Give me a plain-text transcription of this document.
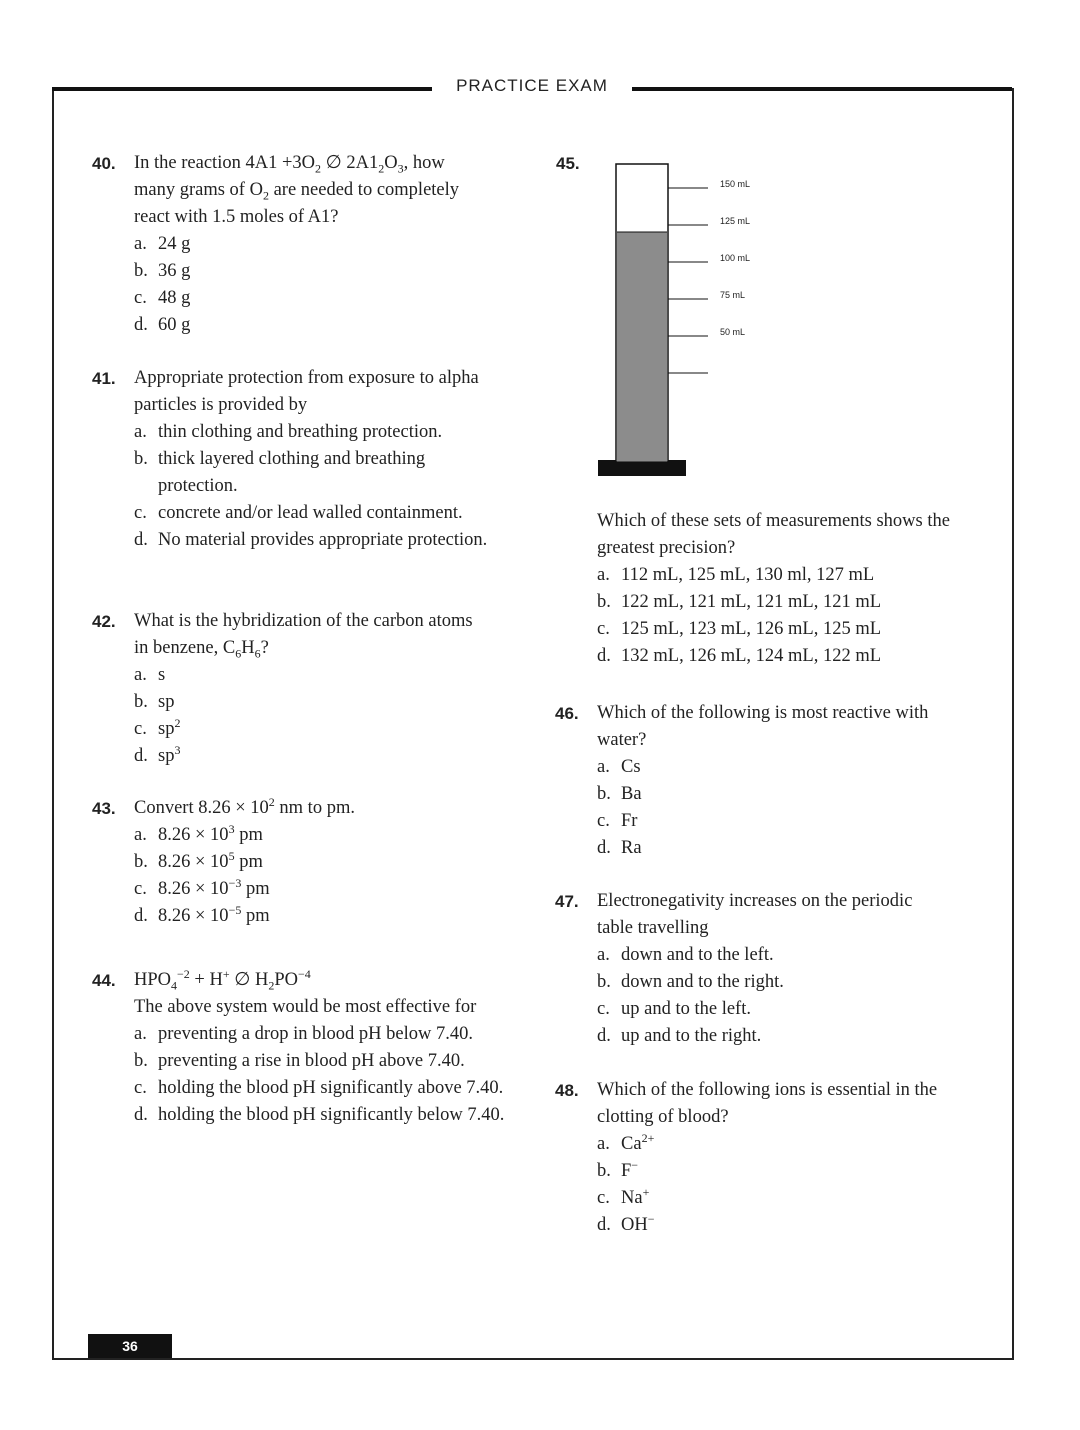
PRACTICE EXAM
40. In the reaction $4A1 +3O_2$ ∅ $2A1_2O_3$, how

many grams of $O_2$ are needed to completely

react with 1.5 moles of A1?

a. 24 g

b. 36 g

c. 48 g

d. 60 g

41. Appropriate protection from exposure to alpha

particles is provided by

a. thin clothing and breathing protection.

b. thick layered clothing and breathing protection.

c. concrete and/or lead walled containment.

d. No material provides appropriate protection.

42. What is the hybridization of the carbon atoms

in benzene, $C_6H_6$?

a. s

b. sp

c. $sp^2$

d. $sp^3$

43. Convert $8.26 \times 10^2$ nm to pm.

a. $8.26 \times 10^3$ pm

b. $8.26 \times 10^5$ pm

c. $8.26 \times 10^{-3}$ pm

d. $8.26 \times 10^{-5}$ pm

44. $HPO_4^{-2} + H^+$ ∅ $H_2PO^{-4}$

The above system would be most effective for

a. preventing a drop in blood pH below 7.40.

b. preventing a rise in blood pH above 7.40.

c. holding the blood pH significantly above 7.40.

d. holding the blood pH significantly below 7.40.

45.
150 mL
125 mL
100 mL
75 mL
50 mL

Which of these sets of measurements shows the

greatest precision?

a. 112 mL, 125 mL, 130 ml, 127 mL

b. 122 mL, 121 mL, 121 mL, 121 mL

c. 125 mL, 123 mL, 126 mL, 125 mL

d. 132 mL, 126 mL, 124 mL, 122 mL

46. Which of the following is most reactive with

water?

a. Cs

b. Ba

c. Fr

d. Ra

47. Electronegativity increases on the periodic

table travelling

a. down and to the left.

b. down and to the right.

c. up and to the left.

d. up and to the right.

48. Which of the following ions is essential in the

clotting of blood?

a. $Ca^{2+}$

b. F−

c. Na+

d. OH−

36
